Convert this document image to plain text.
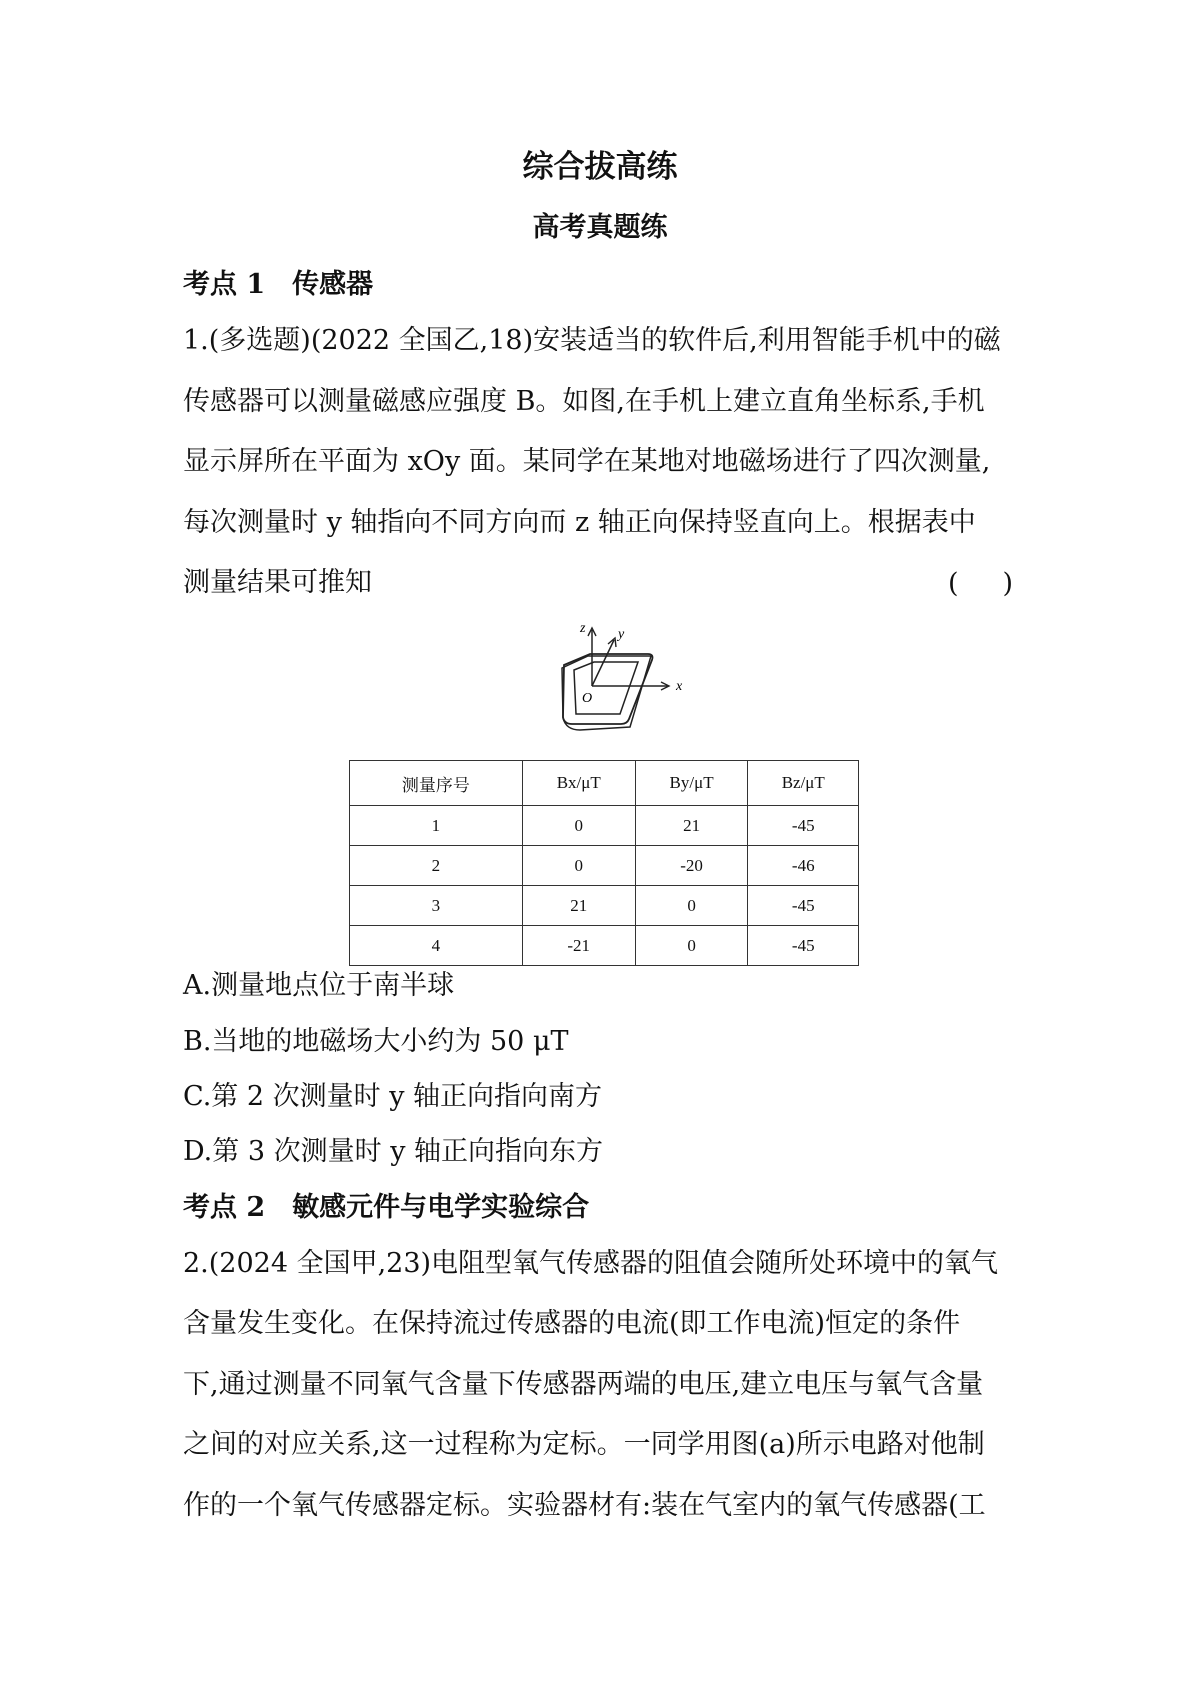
综合拔高练
高考真题练
考点 1　传感器
1.(多选题)(2022 全国乙,18)安装适当的软件后,利用智能手机中的磁
传感器可以测量磁感应强度 B。如图,在手机上建立直角坐标系,手机
显示屏所在平面为 xOy 面。某同学在某地对地磁场进行了四次测量,
每次测量时 y 轴指向不同方向而 z 轴正向保持竖直向上。根据表中
测量结果可推知	( )
z y
x
O
测量序号	Bx/μT	By/μT	Bz/μT
1	0	21	-45
2	0	-20	-46
3	21	0	-45
4	-21	0	-45
A.测量地点位于南半球
B.当地的地磁场大小约为 50 μT
C.第 2 次测量时 y 轴正向指向南方
D.第 3 次测量时 y 轴正向指向东方
考点 2　敏感元件与电学实验综合
2.(2024 全国甲,23)电阻型氧气传感器的阻值会随所处环境中的氧气
含量发生变化。在保持流过传感器的电流(即工作电流)恒定的条件
下,通过测量不同氧气含量下传感器两端的电压,建立电压与氧气含量
之间的对应关系,这一过程称为定标。一同学用图(a)所示电路对他制
作的一个氧气传感器定标。实验器材有:装在气室内的氧气传感器(工
